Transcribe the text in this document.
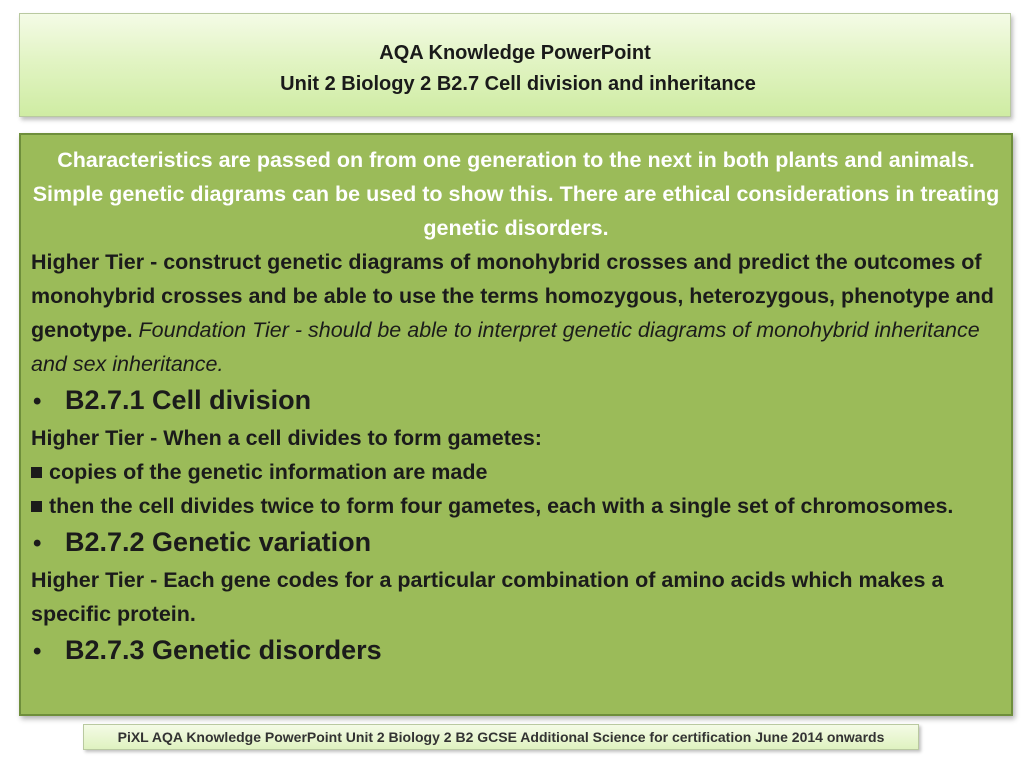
AQA Knowledge PowerPoint
Unit 2 Biology 2 B2.7 Cell division and inheritance

Characteristics are passed on from one generation to the next in both plants and animals. Simple genetic diagrams can be used to show this. There are ethical considerations in treating genetic disorders.

Higher Tier - construct genetic diagrams of monohybrid crosses and predict the outcomes of monohybrid crosses and be able to use the terms homozygous, heterozygous, phenotype and genotype. Foundation Tier - should be able to interpret genetic diagrams of monohybrid inheritance and sex inheritance.

• B2.7.1 Cell division

Higher Tier - When a cell divides to form gametes:

copies of the genetic information are made

then the cell divides twice to form four gametes, each with a single set of chromosomes.

• B2.7.2 Genetic variation

Higher Tier - Each gene codes for a particular combination of amino acids which makes a specific protein.

• B2.7.3 Genetic disorders

PiXL AQA Knowledge PowerPoint Unit 2 Biology 2 B2 GCSE Additional Science for certification June 2014 onwards
